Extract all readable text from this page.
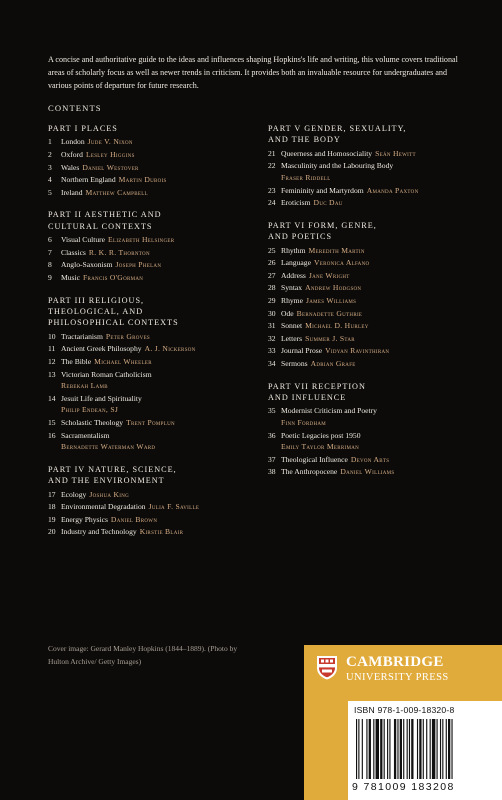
A concise and authoritative guide to the ideas and influences shaping Hopkins's life and writing, this volume covers traditional areas of scholarly focus as well as newer trends in criticism. It provides both an invaluable resource for undergraduates and various points of departure for future research.

CONTENTS
PART I PLACES
1 London Jude V. Nixon
2 Oxford Lesley Higgins
3 Wales Daniel Westover
4 Northern England Martin Dubois
5 Ireland Matthew Campbell
PART II AESTHETIC AND
CULTURAL CONTEXTS
6 Visual Culture Elizabeth Helsinger
7 Classics R. K. R. Thornton
8 Anglo-Saxonism Joseph Phelan
9 Music Francis O'Gorman
PART III RELIGIOUS,
THEOLOGICAL, AND
PHILOSOPHICAL CONTEXTS
10 Tractarianism Peter Groves
11 Ancient Greek Philosophy A. J. Nickerson
12 The Bible Michael Wheeler
13 Victorian Roman Catholicism
Rebekah Lamb
14 Jesuit Life and Spirituality
Philip Endean, SJ
15 Scholastic Theology Trent Pomplun
16 Sacramentalism
Bernadette Waterman Ward
PART IV NATURE, SCIENCE,
AND THE ENVIRONMENT
17 Ecology Joshua King
18 Environmental Degradation Julia F. Saville
19 Energy Physics Daniel Brown
20 Industry and Technology Kirstie Blair
PART V GENDER, SEXUALITY,
AND THE BODY
21 Queerness and Homosociality Seán Hewitt
22 Masculinity and the Labouring Body
Fraser Riddell
23 Femininity and Martyrdom Amanda Paxton
24 Eroticism Duc Dau
PART VI FORM, GENRE,
AND POETICS
25 Rhythm Meredith Martin
26 Language Veronica Alfano
27 Address Jane Wright
28 Syntax Andrew Hodgson
29 Rhyme James Williams
30 Ode Bernadette Guthrie
31 Sonnet Michael D. Hurley
32 Letters Summer J. Star
33 Journal Prose Vidyan Ravinthiran
34 Sermons Adrian Grafe
PART VII RECEPTION
AND INFLUENCE
35 Modernist Criticism and Poetry
Finn Fordham
36 Poetic Legacies post 1950
Emily Taylor Merriman
37 Theological Influence Devon Abts
38 The Anthropocene Daniel Williams
Cover image: Gerard Manley Hopkins (1844–1889). (Photo by Hulton Archive/ Getty Images)	CAMBRIDGE
UNIVERSITY PRESS
ISBN 978-1-009-18320-8
9 781009 183208
